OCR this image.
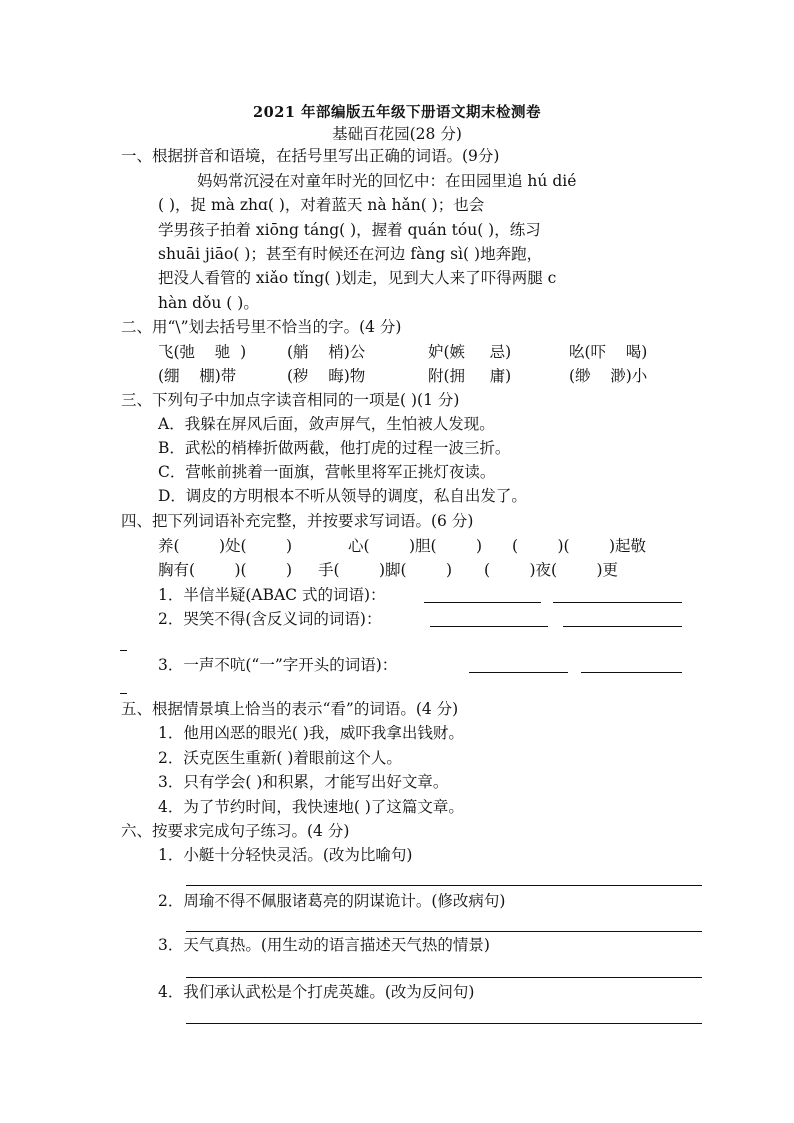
2021 年部编版五年级下册语文期末检测卷
基础百花园(28 分)
一、根据拼音和语境，在括号里写出正确的词语。(9分)
妈妈常沉浸在对童年时光的回忆中：在田园里追 hú dié
( )，捉 mà zhɑ( )，对着蓝天 nà hǎn( )；也会
学男孩子拍着 xiōng táng( )，握着 quán tóu( )，练习
shuāi jiāo( )；甚至有时候还在河边 fàng sì( )地奔跑，
把没人看管的 xiǎo tǐng( )划走，见到大人来了吓得两腿 c
hàn dǒu ( )。
二、用“\”划去括号里不恰当的字。(4 分)
飞(弛    驰  )	(艄    梢)公	妒(嫉     忌)	吆(吓    喝)
(绷    棚)带	(秽    晦)物	附(拥     庸)	(缈    渺)小
三、下列句子中加点字读音相同的一项是( )(1 分)
A．我躲在屏风后面，敛声屏气，生怕被人发现。
B．武松的梢棒折做两截，他打虎的过程一波三折。
C．营帐前挑着一面旗，营帐里将军正挑灯夜读。
D．调皮的方明根本不听从领导的调度，私自出发了。
四、把下列词语补充完整，并按要求写词语。(6 分)
养(        )处(        )	心(        )胆(        ) (        )(        )起敬
胸有(        )(        ) 手(        )脚(        ) (        )夜(        )更
1．半信半疑(ABAC 式的词语)：
2．哭笑不得(含反义词的词语)：
3．一声不吭(“一”字开头的词语)：
五、根据情景填上恰当的表示“看”的词语。(4 分)
1．他用凶恶的眼光( )我，威吓我拿出钱财。
2．沃克医生重新( )着眼前这个人。
3．只有学会( )和积累，才能写出好文章。
4．为了节约时间，我快速地( )了这篇文章。
六、按要求完成句子练习。(4 分)
1．小艇十分轻快灵活。(改为比喻句)
2．周瑜不得不佩服诸葛亮的阴谋诡计。(修改病句)
3．天气真热。(用生动的语言描述天气热的情景)
4．我们承认武松是个打虎英雄。(改为反问句)
